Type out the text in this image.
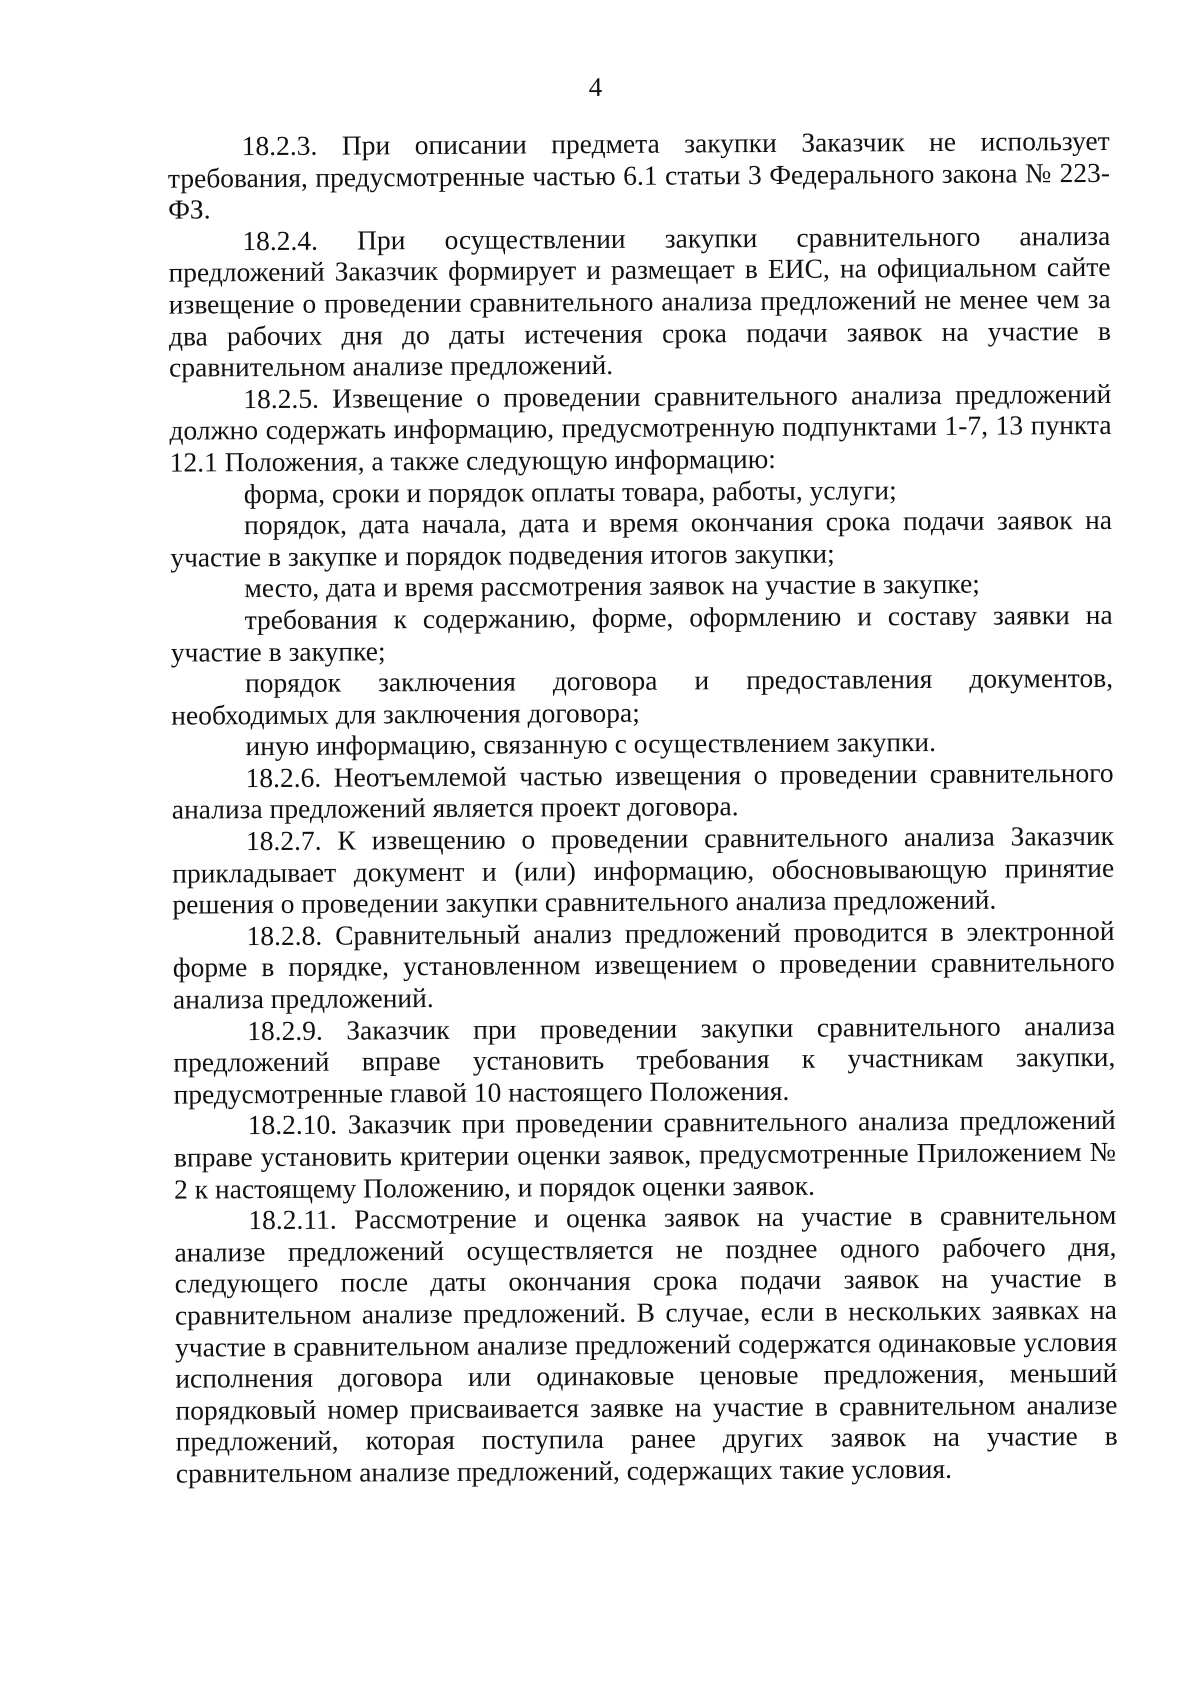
4

18.2.3. При описании предмета закупки Заказчик не использует требования, предусмотренные частью 6.1 статьи 3 Федерального закона № 223-ФЗ.

18.2.4. При осуществлении закупки сравнительного анализа предложений Заказчик формирует и размещает в ЕИС, на официальном сайте извещение о проведении сравнительного анализа предложений не менее чем за два рабочих дня до даты истечения срока подачи заявок на участие в сравнительном анализе предложений.

18.2.5. Извещение о проведении сравнительного анализа предложений должно содержать информацию, предусмотренную подпунктами 1-7, 13 пункта 12.1 Положения, а также следующую информацию:

форма, сроки и порядок оплаты товара, работы, услуги;

порядок, дата начала, дата и время окончания срока подачи заявок на участие в закупке и порядок подведения итогов закупки;

место, дата и время рассмотрения заявок на участие в закупке;

требования к содержанию, форме, оформлению и составу заявки на участие в закупке;

порядок заключения договора и предоставления документов, необходимых для заключения договора;

иную информацию, связанную с осуществлением закупки.

18.2.6. Неотъемлемой частью извещения о проведении сравнительного анализа предложений является проект договора.

18.2.7. К извещению о проведении сравнительного анализа Заказчик прикладывает документ и (или) информацию, обосновывающую принятие решения о проведении закупки сравнительного анализа предложений.

18.2.8. Сравнительный анализ предложений проводится в электронной форме в порядке, установленном извещением о проведении сравнительного анализа предложений.

18.2.9. Заказчик при проведении закупки сравнительного анализа предложений вправе установить требования к участникам закупки, предусмотренные главой 10 настоящего Положения.

18.2.10. Заказчик при проведении сравнительного анализа предложений вправе установить критерии оценки заявок, предусмотренные Приложением № 2 к настоящему Положению, и порядок оценки заявок.

18.2.11. Рассмотрение и оценка заявок на участие в сравнительном анализе предложений осуществляется не позднее одного рабочего дня, следующего после даты окончания срока подачи заявок на участие в сравнительном анализе предложений. В случае, если в нескольких заявках на участие в сравнительном анализе предложений содержатся одинаковые условия исполнения договора или одинаковые ценовые предложения, меньший порядковый номер присваивается заявке на участие в сравнительном анализе предложений, которая поступила ранее других заявок на участие в сравнительном анализе предложений, содержащих такие условия.
